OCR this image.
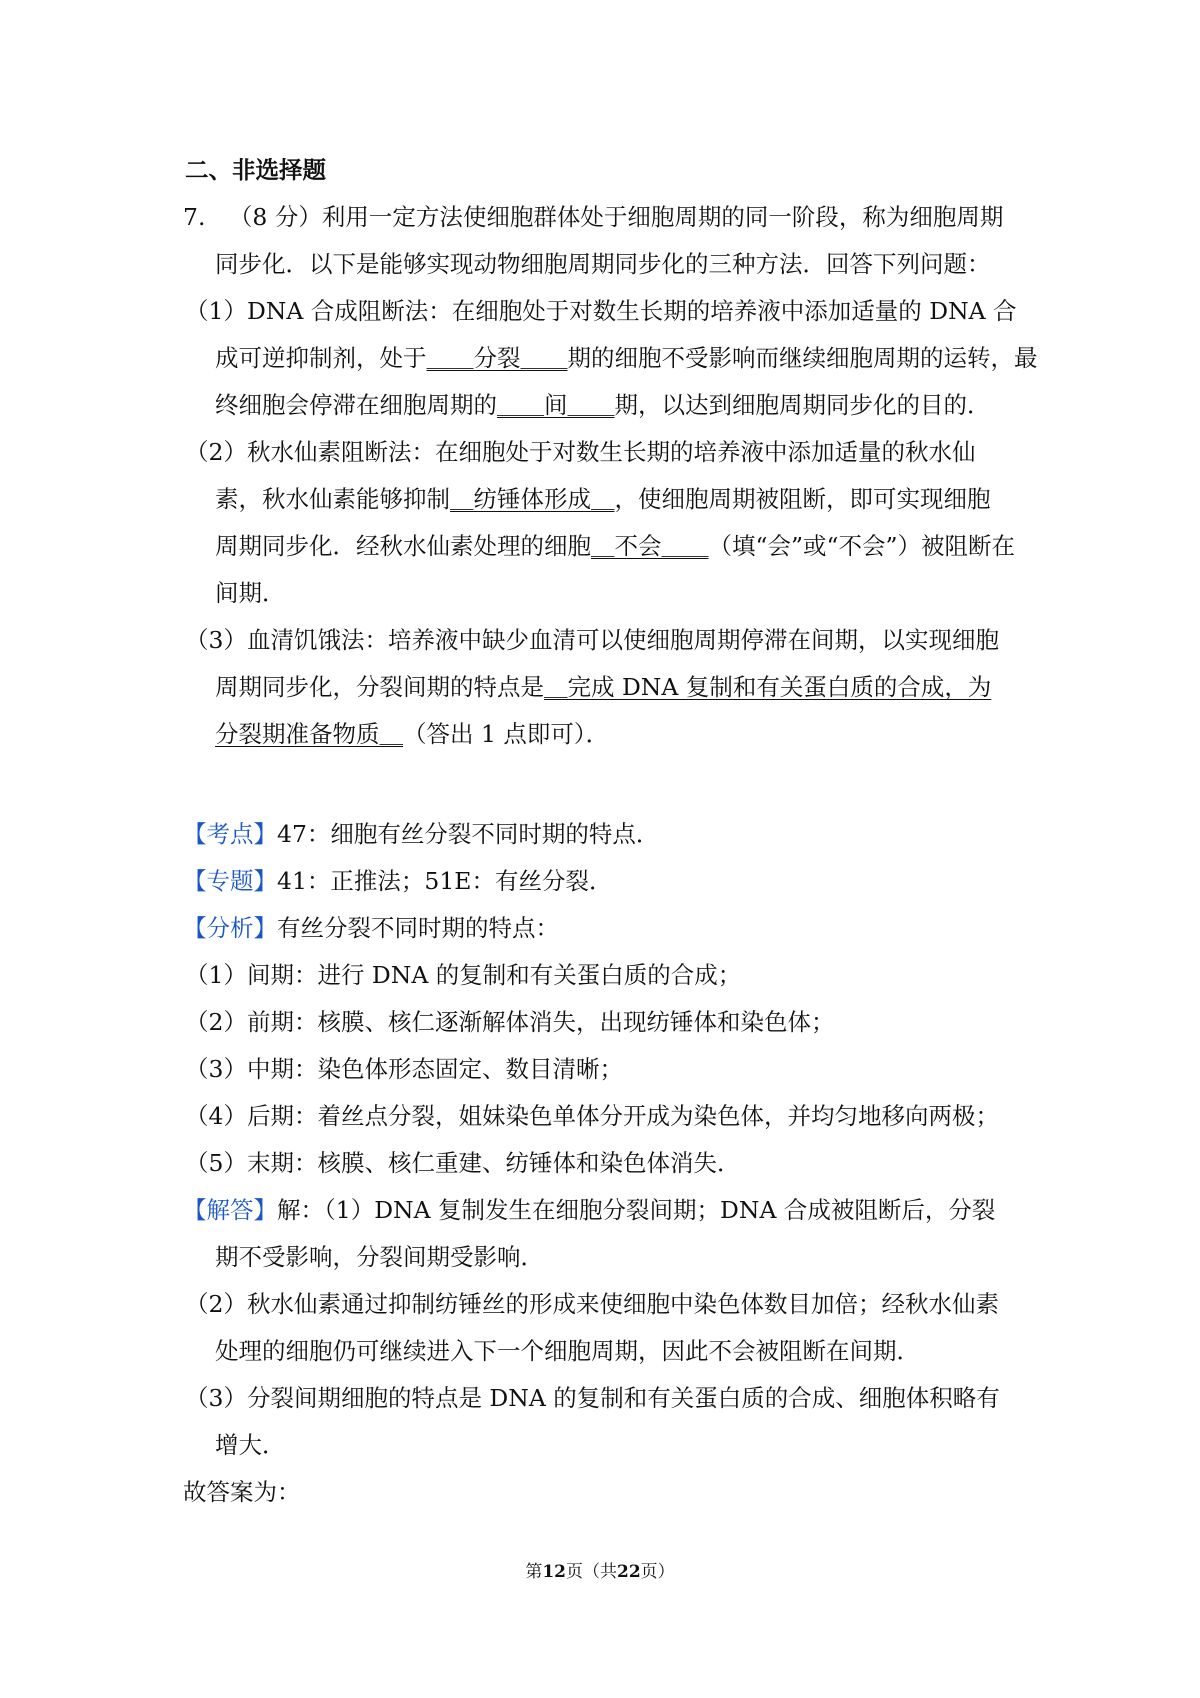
二、非选择题
7.  （8 分）利用一定方法使细胞群体处于细胞周期的同一阶段，称为细胞周期
同步化．以下是能够实现动物细胞周期同步化的三种方法．回答下列问题：
（1）DNA 合成阻断法：在细胞处于对数生长期的培养液中添加适量的 DNA 合
成可逆抑制剂，处于＿＿分裂＿＿期的细胞不受影响而继续细胞周期的运转，最
终细胞会停滞在细胞周期的＿＿间＿＿期，以达到细胞周期同步化的目的．
（2）秋水仙素阻断法：在细胞处于对数生长期的培养液中添加适量的秋水仙
素，秋水仙素能够抑制＿纺锤体形成＿，使细胞周期被阻断，即可实现细胞
周期同步化．经秋水仙素处理的细胞＿不会＿＿（填“会”或“不会”）被阻断在
间期．
（3）血清饥饿法：培养液中缺少血清可以使细胞周期停滞在间期，以实现细胞
周期同步化，分裂间期的特点是＿完成 DNA 复制和有关蛋白质的合成，为
分裂期准备物质＿（答出 1 点即可）．
【考点】47：细胞有丝分裂不同时期的特点．
【专题】41：正推法；51E：有丝分裂．
【分析】有丝分裂不同时期的特点：
（1）间期：进行 DNA 的复制和有关蛋白质的合成；
（2）前期：核膜、核仁逐渐解体消失，出现纺锤体和染色体；
（3）中期：染色体形态固定、数目清晰；
（4）后期：着丝点分裂，姐妹染色单体分开成为染色体，并均匀地移向两极；
（5）末期：核膜、核仁重建、纺锤体和染色体消失．
【解答】解：（1）DNA 复制发生在细胞分裂间期；DNA 合成被阻断后，分裂
期不受影响，分裂间期受影响．
（2）秋水仙素通过抑制纺锤丝的形成来使细胞中染色体数目加倍；经秋水仙素
处理的细胞仍可继续进入下一个细胞周期，因此不会被阻断在间期．
（3）分裂间期细胞的特点是 DNA 的复制和有关蛋白质的合成、细胞体积略有
增大．
故答案为：
第12页（共22页）
